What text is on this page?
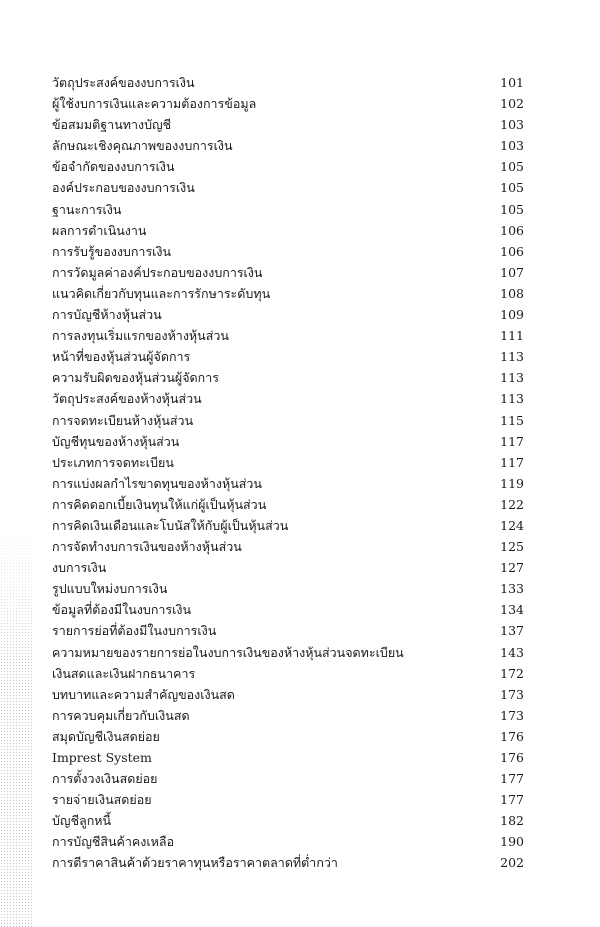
วัตถุประสงค์ของงบการเงิน	101
ผู้ใช้งบการเงินและความต้องการข้อมูล	102
ข้อสมมติฐานทางบัญชี	103
ลักษณะเชิงคุณภาพของงบการเงิน	103
ข้อจำกัดของงบการเงิน	105
องค์ประกอบของงบการเงิน	105
ฐานะการเงิน	105
ผลการดำเนินงาน	106
การรับรู้ของงบการเงิน	106
การวัดมูลค่าองค์ประกอบของงบการเงิน	107
แนวคิดเกี่ยวกับทุนและการรักษาระดับทุน	108
การบัญชีห้างหุ้นส่วน	109
การลงทุนเริ่มแรกของห้างหุ้นส่วน	111
หน้าที่ของหุ้นส่วนผู้จัดการ	113
ความรับผิดของหุ้นส่วนผู้จัดการ	113
วัตถุประสงค์ของห้างหุ้นส่วน	113
การจดทะเบียนห้างหุ้นส่วน	115
บัญชีทุนของห้างหุ้นส่วน	117
ประเภทการจดทะเบียน	117
การแบ่งผลกำไรขาดทุนของห้างหุ้นส่วน	119
การคิดดอกเบี้ยเงินทุนให้แก่ผู้เป็นหุ้นส่วน	122
การคิดเงินเดือนและโบนัสให้กับผู้เป็นหุ้นส่วน	124
การจัดทำงบการเงินของห้างหุ้นส่วน	125
งบการเงิน	127
รูปแบบใหม่งบการเงิน	133
ข้อมูลที่ต้องมีในงบการเงิน	134
รายการย่อที่ต้องมีในงบการเงิน	137
ความหมายของรายการย่อในงบการเงินของห้างหุ้นส่วนจดทะเบียน	143
เงินสดและเงินฝากธนาคาร	172
บทบาทและความสำคัญของเงินสด	173
การควบคุมเกี่ยวกับเงินสด	173
สมุดบัญชีเงินสดย่อย	176
Imprest System	176
การตั้งวงเงินสดย่อย	177
รายจ่ายเงินสดย่อย	177
บัญชีลูกหนี้	182
การบัญชีสินค้าคงเหลือ	190
การตีราคาสินค้าด้วยราคาทุนหรือราคาตลาดที่ต่ำกว่า	202
